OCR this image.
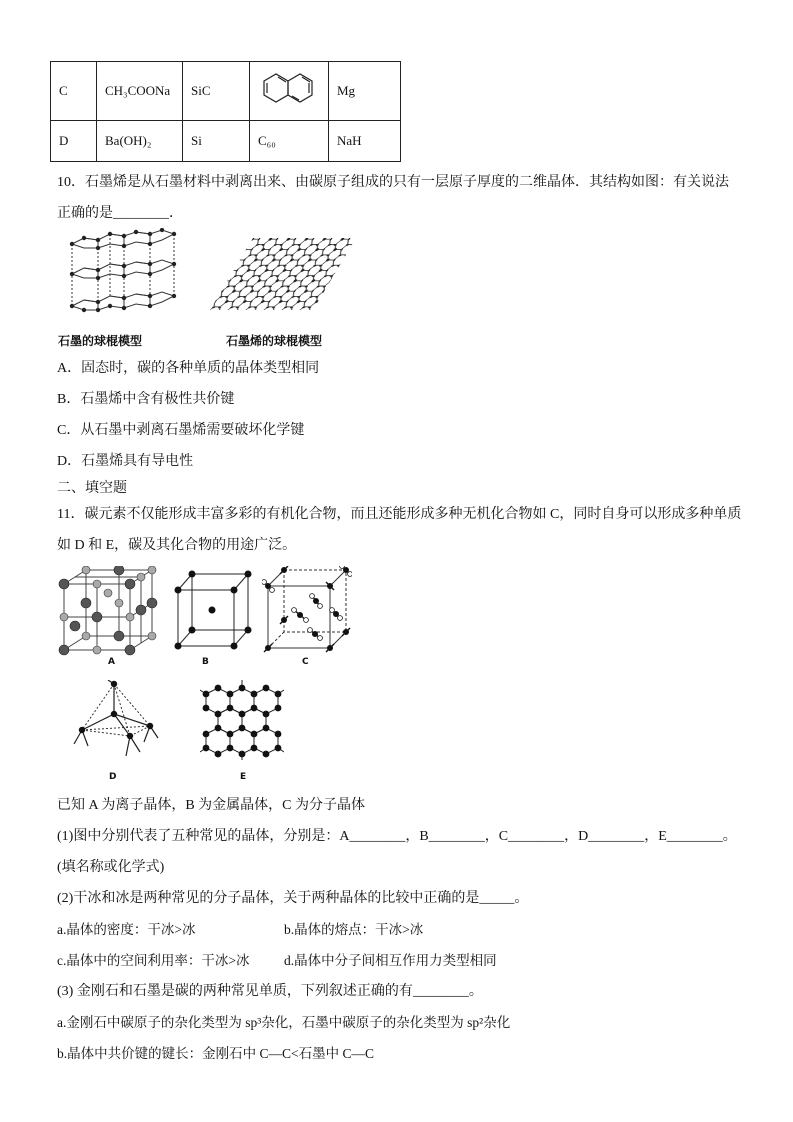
C	CH₃COONa	SiC		Mg
D	Ba(OH)₂	Si	C₆₀	NaH
10．石墨烯是从石墨材料中剥离出来、由碳原子组成的只有一层原子厚度的二维晶体．其结构如图：有关说法
正确的是________．
石墨的球棍模型	石墨烯的球棍模型
A．固态时，碳的各种单质的晶体类型相同
B．石墨烯中含有极性共价键
C．从石墨中剥离石墨烯需要破坏化学键
D．石墨烯具有导电性
二、填空题
11．碳元素不仅能形成丰富多彩的有机化合物，而且还能形成多种无机化合物如 C，同时自身可以形成多种单质
如 D 和 E，碳及其化合物的用途广泛。
A	B	C
D	E
已知 A 为离子晶体，B 为金属晶体，C 为分子晶体
(1)图中分别代表了五种常见的晶体，分别是：A________，B________，C________，D________，E________。
(填名称或化学式)
(2)干冰和冰是两种常见的分子晶体，关于两种晶体的比较中正确的是_____。
a.晶体的密度：干冰>冰	b.晶体的熔点：干冰>冰
c.晶体中的空间利用率：干冰>冰	d.晶体中分子间相互作用力类型相同
(3) 金刚石和石墨是碳的两种常见单质，下列叙述正确的有________。
a.金刚石中碳原子的杂化类型为 sp³杂化，石墨中碳原子的杂化类型为 sp²杂化
b.晶体中共价键的键长：金刚石中 C—C<石墨中 C—C
